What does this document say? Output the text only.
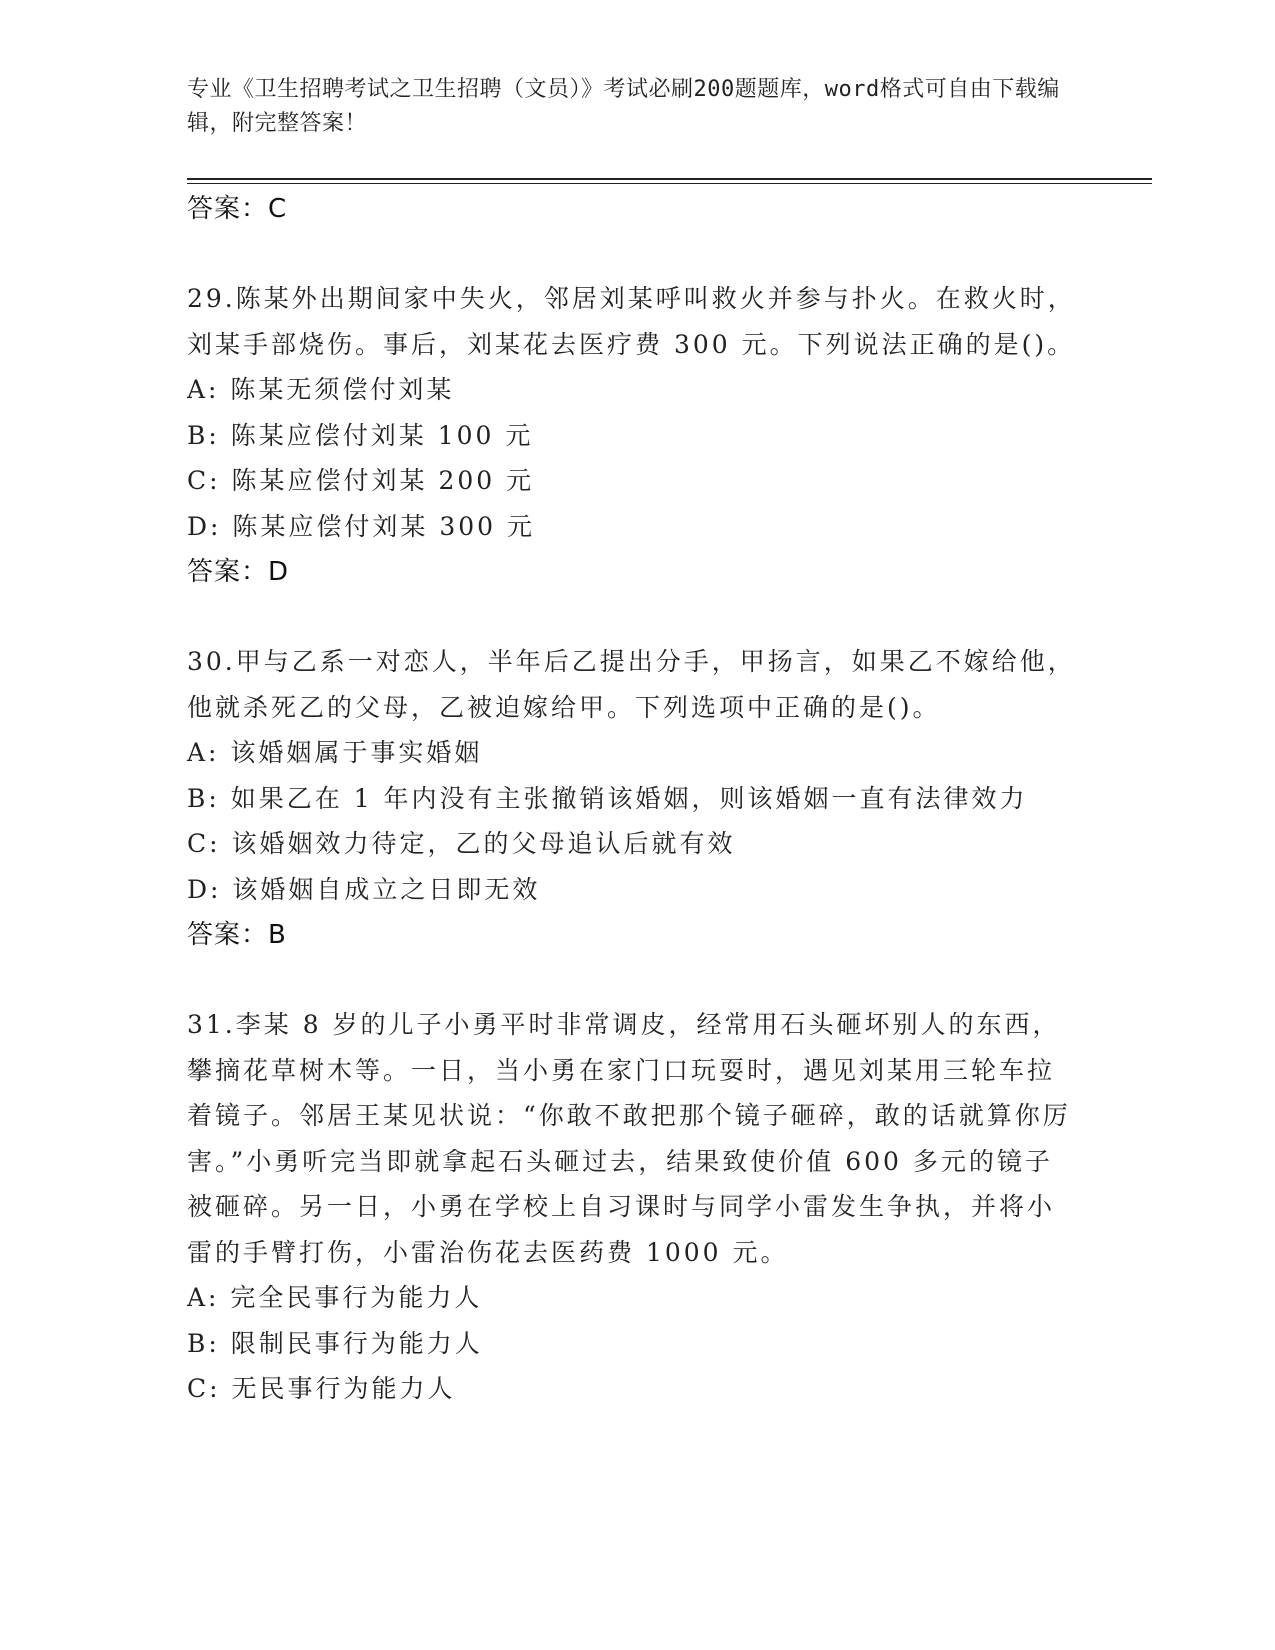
专业《卫生招聘考试之卫生招聘（文员）》考试必刷200题题库，word格式可自由下载编辑，附完整答案！
答案：C
29.陈某外出期间家中失火，邻居刘某呼叫救火并参与扑火。在救火时，刘某手部烧伤。事后，刘某花去医疗费 300 元。下列说法正确的是()。
A: 陈某无须偿付刘某
B: 陈某应偿付刘某 100 元
C: 陈某应偿付刘某 200 元
D: 陈某应偿付刘某 300 元
答案：D
30.甲与乙系一对恋人，半年后乙提出分手，甲扬言，如果乙不嫁给他，他就杀死乙的父母，乙被迫嫁给甲。下列选项中正确的是()。
A: 该婚姻属于事实婚姻
B: 如果乙在 1 年内没有主张撤销该婚姻，则该婚姻一直有法律效力
C: 该婚姻效力待定，乙的父母追认后就有效
D: 该婚姻自成立之日即无效
答案：B
31.李某 8 岁的儿子小勇平时非常调皮，经常用石头砸坏别人的东西，攀摘花草树木等。一日，当小勇在家门口玩耍时，遇见刘某用三轮车拉着镜子。邻居王某见状说：“你敢不敢把那个镜子砸碎，敢的话就算你厉害。”小勇听完当即就拿起石头砸过去，结果致使价值 600 多元的镜子被砸碎。另一日，小勇在学校上自习课时与同学小雷发生争执，并将小雷的手臂打伤，小雷治伤花去医药费 1000 元。
A: 完全民事行为能力人
B: 限制民事行为能力人
C: 无民事行为能力人
